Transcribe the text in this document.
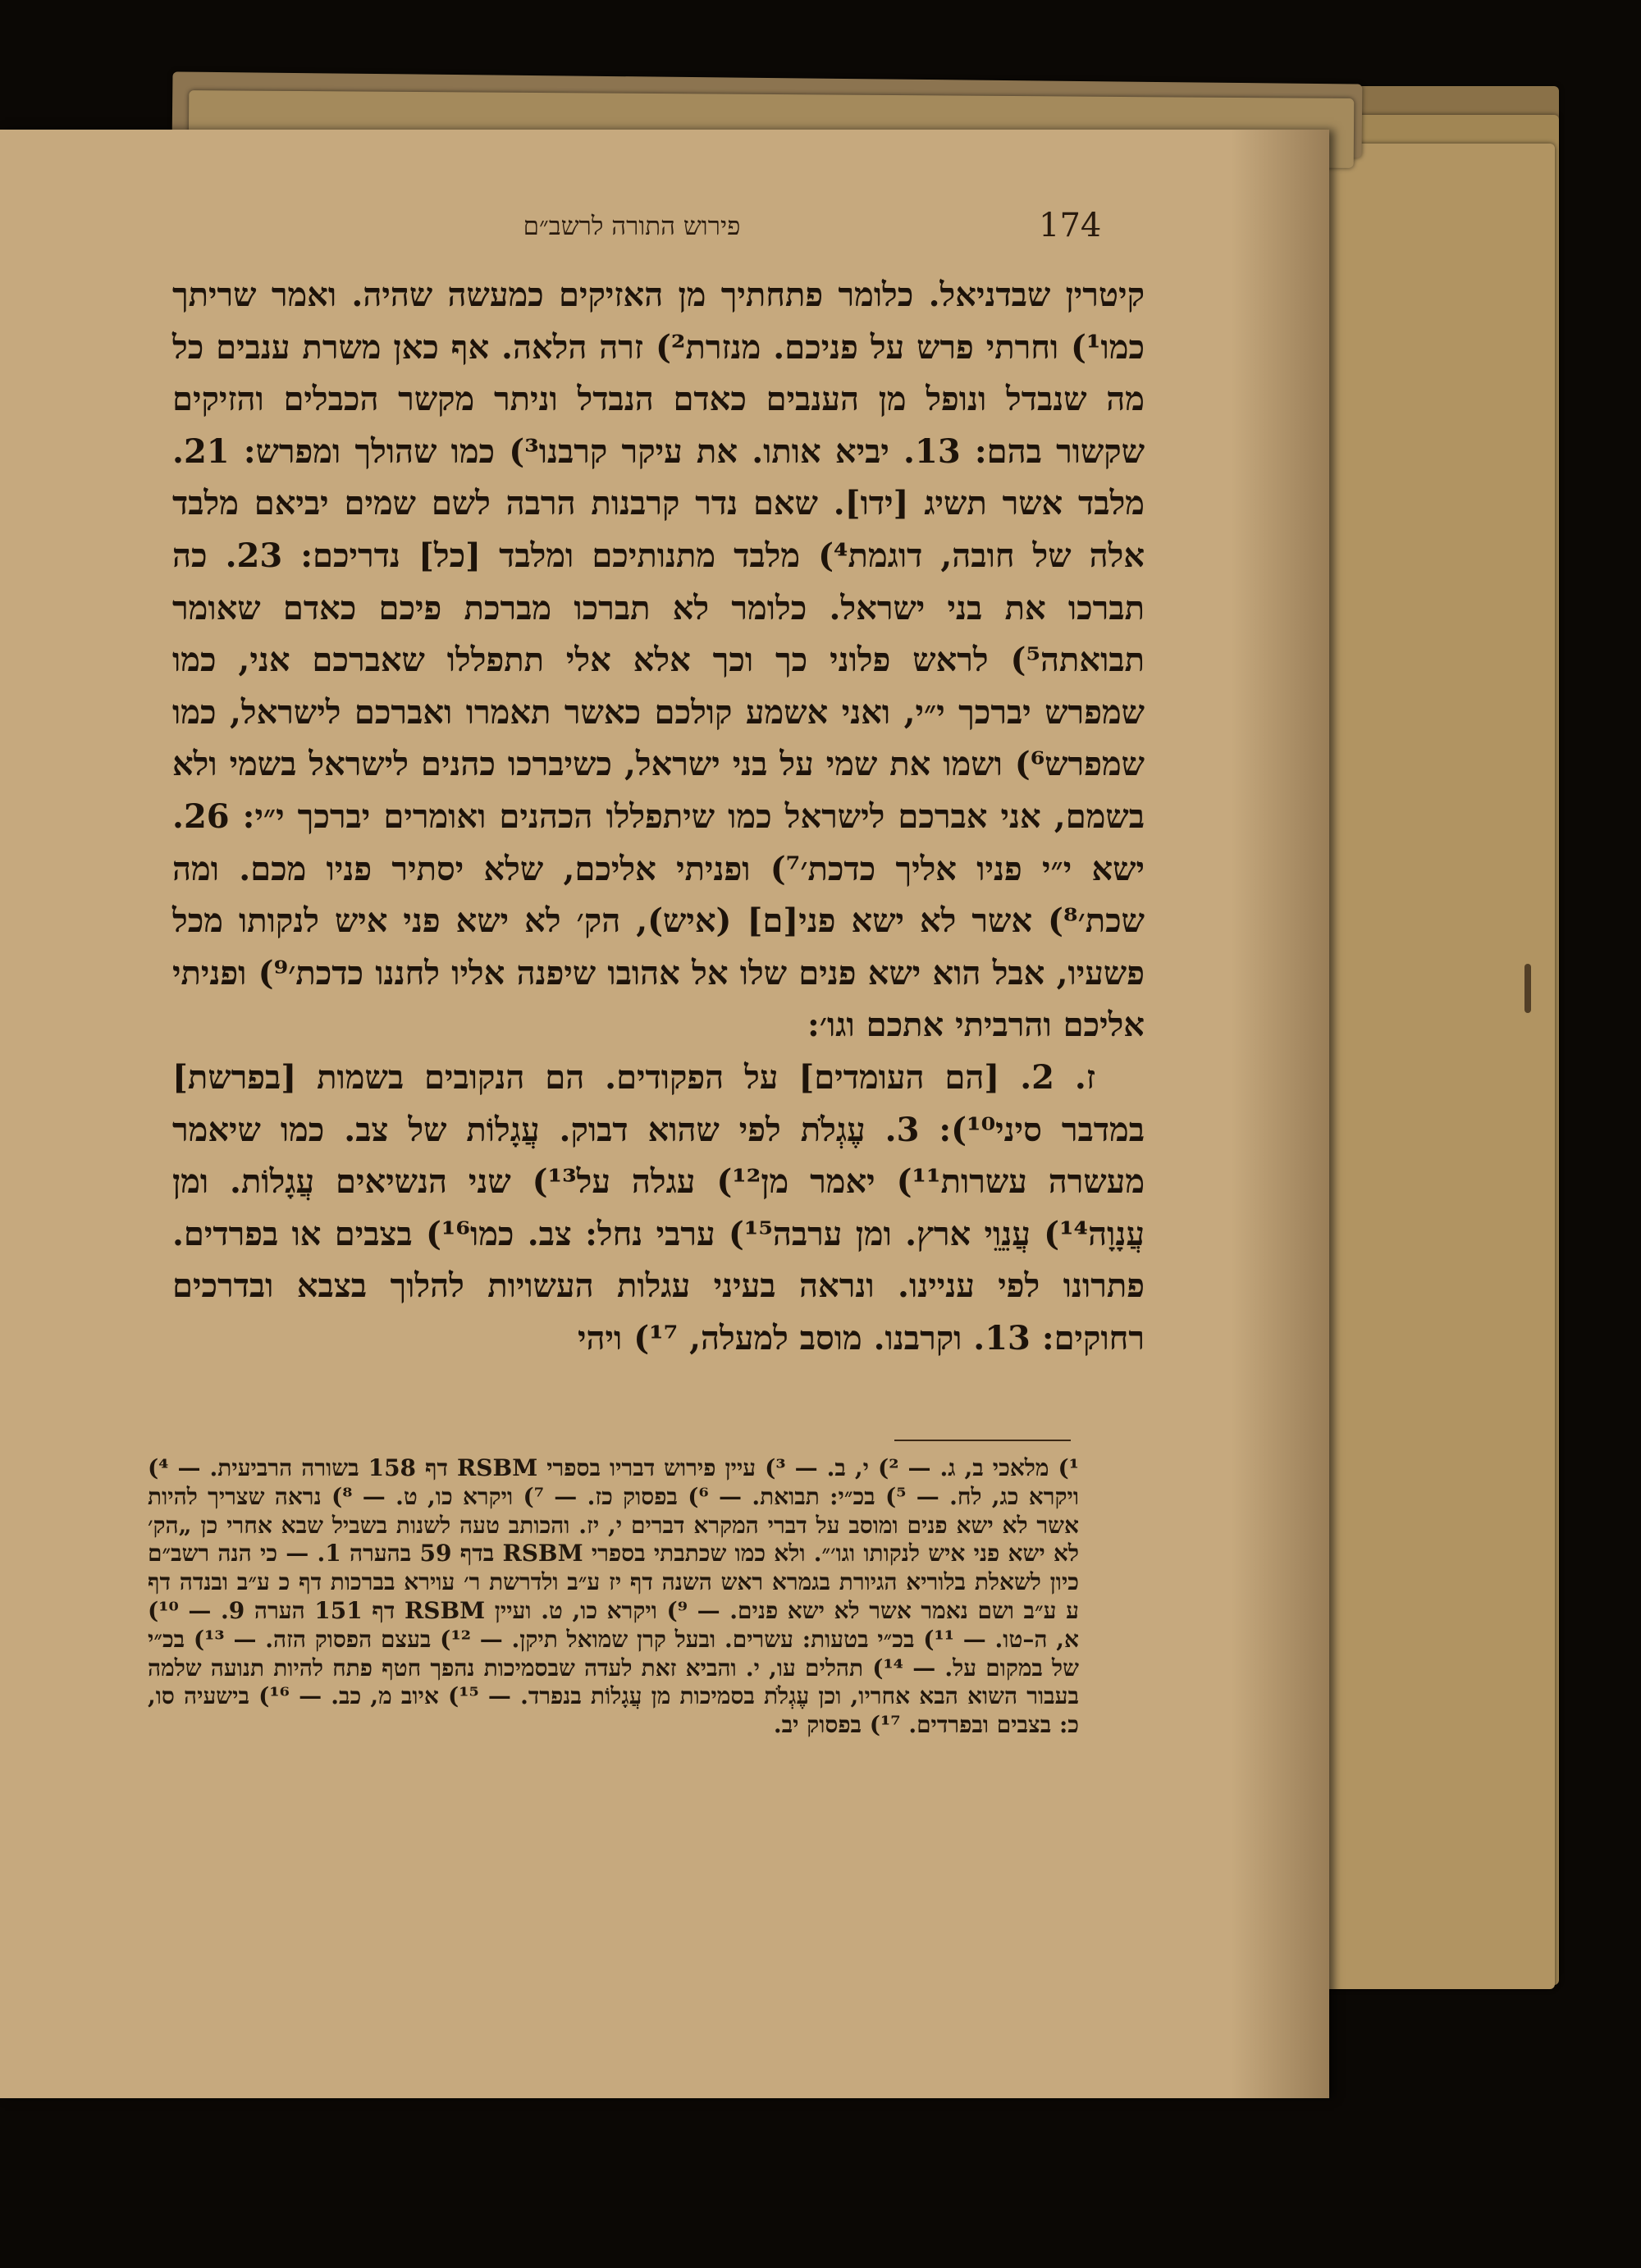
פירוש התורה לרשב״ם	174

קיטרין שבדניאל. כלומר פתחתיך מן האזיקים כמעשה שהיה. ואמר שריתך כמו¹) וחרתי פרש על פניכם. מנזרת²) זרה הלאה. אף כאן משרת ענבים כל מה שנבדל ונופל מן הענבים כאדם הנבדל וניתר מקשר הכבלים והזיקים שקשור בהם: 13. יביא אותו. את עיקר קרבנו³) כמו שהולך ומפרש: 21. מלבד אשר תשיג [ידו]. שאם נדר קרבנות הרבה לשם שמים יביאם מלבד אלה של חובה, דוגמת⁴) מלבד מתנותיכם ומלבד [כל] נדריכם: 23. כה תברכו את בני ישראל. כלומר לא תברכו מברכת פיכם כאדם שאומר תבואתה⁵) לראש פלוני כך וכך אלא אלי תתפללו שאברכם אני, כמו שמפרש יברכך י״י, ואני אשמע קולכם כאשר תאמרו ואברכם לישראל, כמו שמפרש⁶) ושמו את שמי על בני ישראל, כשיברכו כהנים לישראל בשמי ולא בשמם, אני אברכם לישראל כמו שיתפללו הכהנים ואומרים יברכך י״י: 26. ישא י״י פניו אליך כדכת׳⁷) ופניתי אליכם, שלא יסתיר פניו מכם. ומה שכת׳⁸) אשר לא ישא פני[ם] (איש), הק׳ לא ישא פני איש לנקותו מכל פשעיו, אבל הוא ישא פנים שלו אל אהובו שיפנה אליו לחננו כדכת׳⁹) ופניתי אליכם והרביתי אתכם וגו׳:

ז. 2. [הם העומדים] על הפקודים. הם הנקובים בשמות [בפרשת] במדבר סיני¹⁰): 3. עֶגְלֹת לפי שהוא דבוק. עֲגָלוֹת של צב. כמו שיאמר מעשרה עשרות¹¹) יאמר מן¹²) עגלה על¹³) שני הנשיאים עֲגָלוֹת. ומן עֲנָוָה¹⁴) עֲנֵוֵי ארץ. ומן ערבה¹⁵) ערבי נחל: צב. כמו¹⁶) בצבים או בפרדים. פתרונו לפי עניינו. ונראה בעיני עגלות העשויות להלוך בצבא ובדרכים רחוקים: 13. וקרבנו. מוסב למעלה, ¹⁷) ויהי

¹) מלאכי ב, ג. — ²) י, ב. — ³) עיין פירוש דבריו בספרי RSBM דף 158 בשורה הרביעית. — ⁴) ויקרא כג, לח. — ⁵) בכ״י: תבואת. — ⁶) בפסוק כז. — ⁷) ויקרא כו, ט. — ⁸) נראה שצריך להיות אשר לא ישא פנים ומוסב על דברי המקרא דברים י, יז. והכותב טעה לשנות בשביל שבא אחרי כן „הק׳ לא ישא פני איש לנקותו וגו׳״. ולא כמו שכתבתי בספרי RSBM בדף 59 בהערה 1. — כי הנה רשב״ם כיון לשאלת בלוריא הגיורת בגמרא ראש השנה דף יז ע״ב ולדרשת ר׳ עוירא בברכות דף כ ע״ב ובנדה דף ע ע״ב ושם נאמר אשר לא ישא פנים. — ⁹) ויקרא כו, ט. ועיין RSBM דף 151 הערה 9. — ¹⁰) א, ה–טו. — ¹¹) בכ״י בטעות: עשרים. ובעל קרן שמואל תיקן. — ¹²) בעצם הפסוק הזה. — ¹³) בכ״י של במקום על. — ¹⁴) תהלים עו, י. והביא זאת לעדה שבסמיכות נהפך חטף פתח להיות תנועה שלמה בעבור השוא הבא אחריו, וכן עֶגְלֹת בסמיכות מן עֲגָלוֹת בנפרד. — ¹⁵) איוב מ, כב. — ¹⁶) בישעיה סו, כ: בצבים ובפרדים. ¹⁷) בפסוק יב.
